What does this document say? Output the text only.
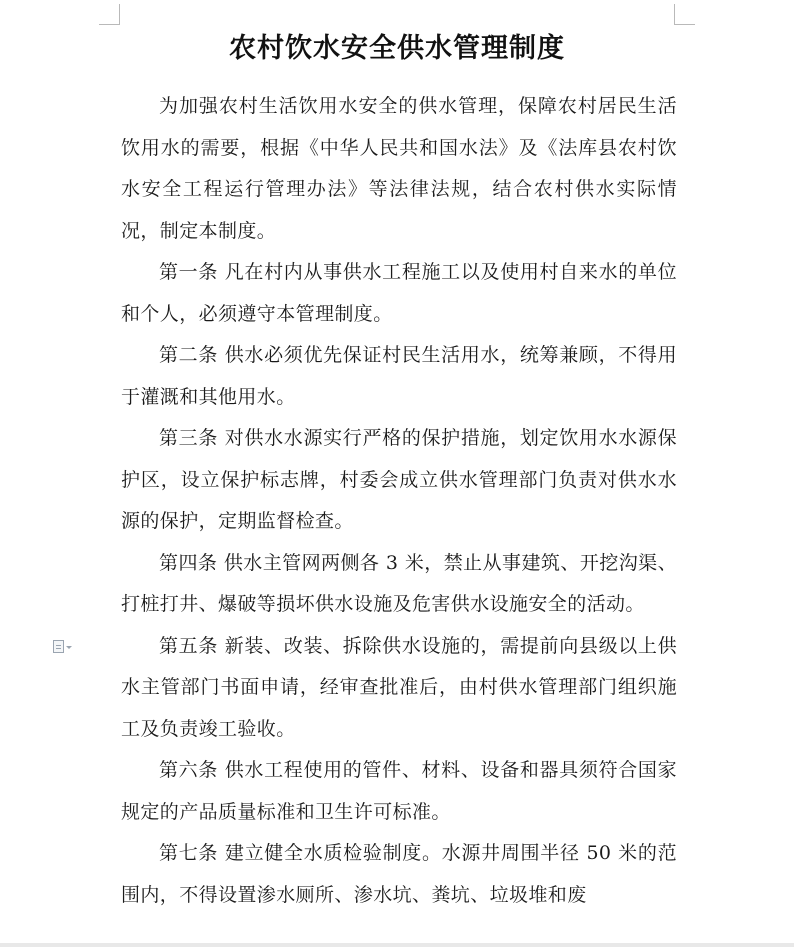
农村饮水安全供水管理制度

为加强农村生活饮用水安全的供水管理，保障农村居民生活饮用水的需要，根据《中华人民共和国水法》及《法库县农村饮水安全工程运行管理办法》等法律法规，结合农村供水实际情况，制定本制度。

第一条 凡在村内从事供水工程施工以及使用村自来水的单位和个人，必须遵守本管理制度。

第二条 供水必须优先保证村民生活用水，统筹兼顾，不得用于灌溉和其他用水。

第三条 对供水水源实行严格的保护措施，划定饮用水水源保护区，设立保护标志牌，村委会成立供水管理部门负责对供水水源的保护，定期监督检查。

第四条 供水主管网两侧各 3 米，禁止从事建筑、开挖沟渠、打桩打井、爆破等损坏供水设施及危害供水设施安全的活动。

第五条 新装、改装、拆除供水设施的，需提前向县级以上供水主管部门书面申请，经审查批准后，由村供水管理部门组织施工及负责竣工验收。

第六条 供水工程使用的管件、材料、设备和器具须符合国家规定的产品质量标准和卫生许可标准。

第七条 建立健全水质检验制度。水源井周围半径 50 米的范围内，不得设置渗水厕所、渗水坑、粪坑、垃圾堆和废
